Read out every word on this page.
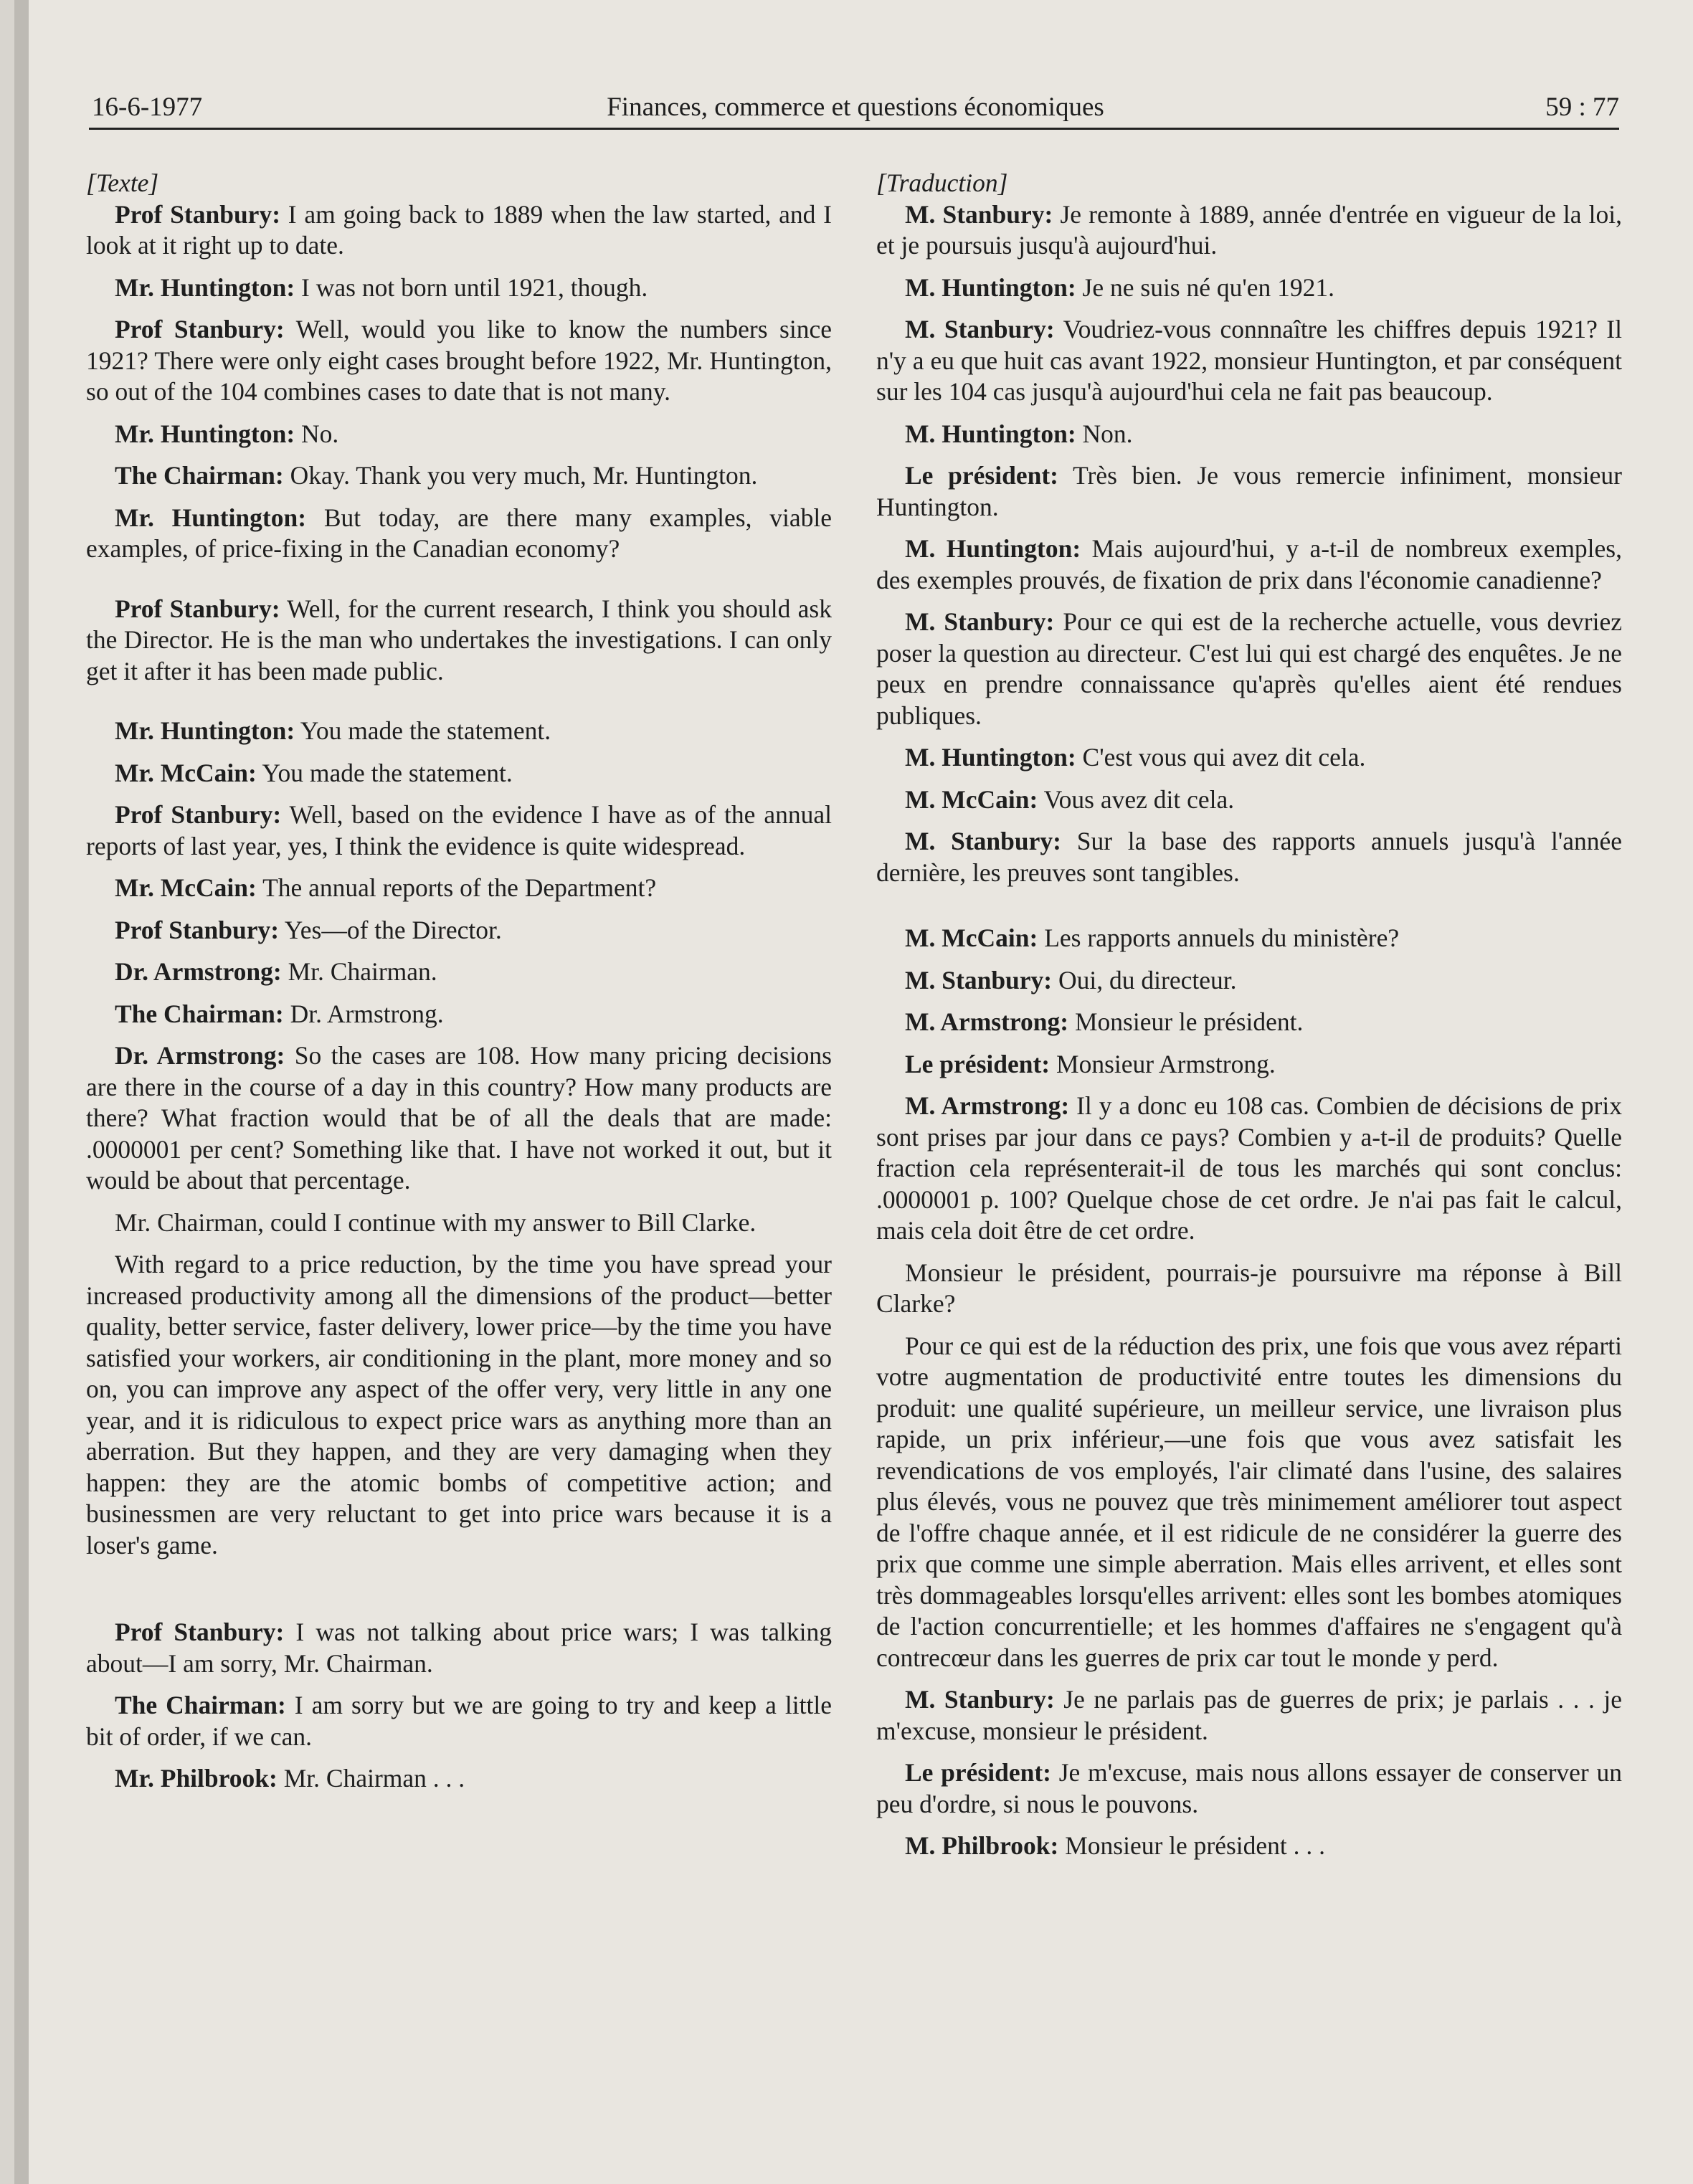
16-6-1977	Finances, commerce et questions économiques	59 : 77

[Texte]

Prof Stanbury: I am going back to 1889 when the law started, and I look at it right up to date.

Mr. Huntington: I was not born until 1921, though.

Prof Stanbury: Well, would you like to know the numbers since 1921? There were only eight cases brought before 1922, Mr. Huntington, so out of the 104 combines cases to date that is not many.

Mr. Huntington: No.

The Chairman: Okay. Thank you very much, Mr. Huntington.

Mr. Huntington: But today, are there many examples, viable examples, of price-fixing in the Canadian economy?

Prof Stanbury: Well, for the current research, I think you should ask the Director. He is the man who undertakes the investigations. I can only get it after it has been made public.

Mr. Huntington: You made the statement.

Mr. McCain: You made the statement.

Prof Stanbury: Well, based on the evidence I have as of the annual reports of last year, yes, I think the evidence is quite widespread.

Mr. McCain: The annual reports of the Department?

Prof Stanbury: Yes—of the Director.

Dr. Armstrong: Mr. Chairman.

The Chairman: Dr. Armstrong.

Dr. Armstrong: So the cases are 108. How many pricing decisions are there in the course of a day in this country? How many products are there? What fraction would that be of all the deals that are made: .0000001 per cent? Something like that. I have not worked it out, but it would be about that percentage.

Mr. Chairman, could I continue with my answer to Bill Clarke.

With regard to a price reduction, by the time you have spread your increased productivity among all the dimensions of the product—better quality, better service, faster delivery, lower price—by the time you have satisfied your workers, air conditioning in the plant, more money and so on, you can improve any aspect of the offer very, very little in any one year, and it is ridiculous to expect price wars as anything more than an aberration. But they happen, and they are very damaging when they happen: they are the atomic bombs of competitive action; and businessmen are very reluctant to get into price wars because it is a loser's game.

Prof Stanbury: I was not talking about price wars; I was talking about—I am sorry, Mr. Chairman.

The Chairman: I am sorry but we are going to try and keep a little bit of order, if we can.

Mr. Philbrook: Mr. Chairman . . .

[Traduction]

M. Stanbury: Je remonte à 1889, année d'entrée en vigueur de la loi, et je poursuis jusqu'à aujourd'hui.

M. Huntington: Je ne suis né qu'en 1921.

M. Stanbury: Voudriez-vous connnaître les chiffres depuis 1921? Il n'y a eu que huit cas avant 1922, monsieur Huntington, et par conséquent sur les 104 cas jusqu'à aujourd'hui cela ne fait pas beaucoup.

M. Huntington: Non.

Le président: Très bien. Je vous remercie infiniment, monsieur Huntington.

M. Huntington: Mais aujourd'hui, y a-t-il de nombreux exemples, des exemples prouvés, de fixation de prix dans l'économie canadienne?

M. Stanbury: Pour ce qui est de la recherche actuelle, vous devriez poser la question au directeur. C'est lui qui est chargé des enquêtes. Je ne peux en prendre connaissance qu'après qu'elles aient été rendues publiques.

M. Huntington: C'est vous qui avez dit cela.

M. McCain: Vous avez dit cela.

M. Stanbury: Sur la base des rapports annuels jusqu'à l'année dernière, les preuves sont tangibles.

M. McCain: Les rapports annuels du ministère?

M. Stanbury: Oui, du directeur.

M. Armstrong: Monsieur le président.

Le président: Monsieur Armstrong.

M. Armstrong: Il y a donc eu 108 cas. Combien de décisions de prix sont prises par jour dans ce pays? Combien y a-t-il de produits? Quelle fraction cela représenterait-il de tous les marchés qui sont conclus: .0000001 p. 100? Quelque chose de cet ordre. Je n'ai pas fait le calcul, mais cela doit être de cet ordre.

Monsieur le président, pourrais-je poursuivre ma réponse à Bill Clarke?

Pour ce qui est de la réduction des prix, une fois que vous avez réparti votre augmentation de productivité entre toutes les dimensions du produit: une qualité supérieure, un meilleur service, une livraison plus rapide, un prix inférieur,—une fois que vous avez satisfait les revendications de vos employés, l'air climaté dans l'usine, des salaires plus élevés, vous ne pouvez que très minimement améliorer tout aspect de l'offre chaque année, et il est ridicule de ne considérer la guerre des prix que comme une simple aberration. Mais elles arrivent, et elles sont très dommageables lorsqu'elles arrivent: elles sont les bombes atomiques de l'action concurrentielle; et les hommes d'affaires ne s'engagent qu'à contrecœur dans les guerres de prix car tout le monde y perd.

M. Stanbury: Je ne parlais pas de guerres de prix; je parlais . . . je m'excuse, monsieur le président.

Le président: Je m'excuse, mais nous allons essayer de conserver un peu d'ordre, si nous le pouvons.

M. Philbrook: Monsieur le président . . .
